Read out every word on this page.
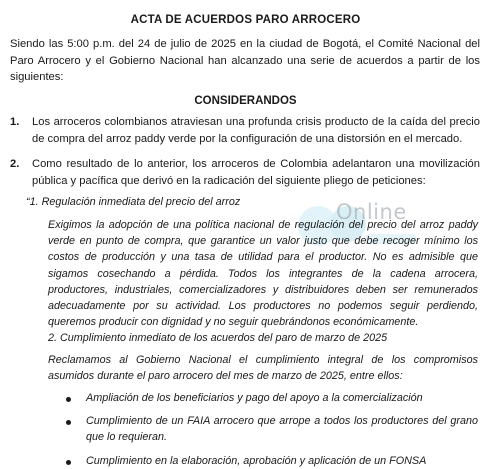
Online
ACTA DE ACUERDOS PARO ARROCERO
Siendo las 5:00 p.m. del 24 de julio de 2025 en la ciudad de Bogotá, el Comité Nacional del Paro Arrocero y el Gobierno Nacional han alcanzado una serie de acuerdos a partir de los siguientes:
CONSIDERANDOS
1. Los arroceros colombianos atraviesan una profunda crisis producto de la caída del precio de compra del arroz paddy verde por la configuración de una distorsión en el mercado.
2. Como resultado de lo anterior, los arroceros de Colombia adelantaron una movilización pública y pacífica que derivó en la radicación del siguiente pliego de peticiones:
“1. Regulación inmediata del precio del arroz
Exigimos la adopción de una política nacional de regulación del precio del arroz paddy verde en punto de compra, que garantice un valor justo que debe recoger mínimo los costos de producción y una tasa de utilidad para el productor. No es admisible que sigamos cosechando a pérdida. Todos los integrantes de la cadena arrocera, productores, industriales, comercializadores y distribuidores deben ser remunerados adecuadamente por su actividad. Los productores no podemos seguir perdiendo, queremos producir con dignidad y no seguir quebrándonos económicamente.
2. Cumplimiento inmediato de los acuerdos del paro de marzo de 2025
Reclamamos al Gobierno Nacional el cumplimiento integral de los compromisos asumidos durante el paro arrocero del mes de marzo de 2025, entre ellos:
Ampliación de los beneficiarios y pago del apoyo a la comercialización
Cumplimiento de un FAIA arrocero que arrope a todos los productores del grano que lo requieran.
Cumplimiento en la elaboración, aprobación y aplicación de un FONSA
